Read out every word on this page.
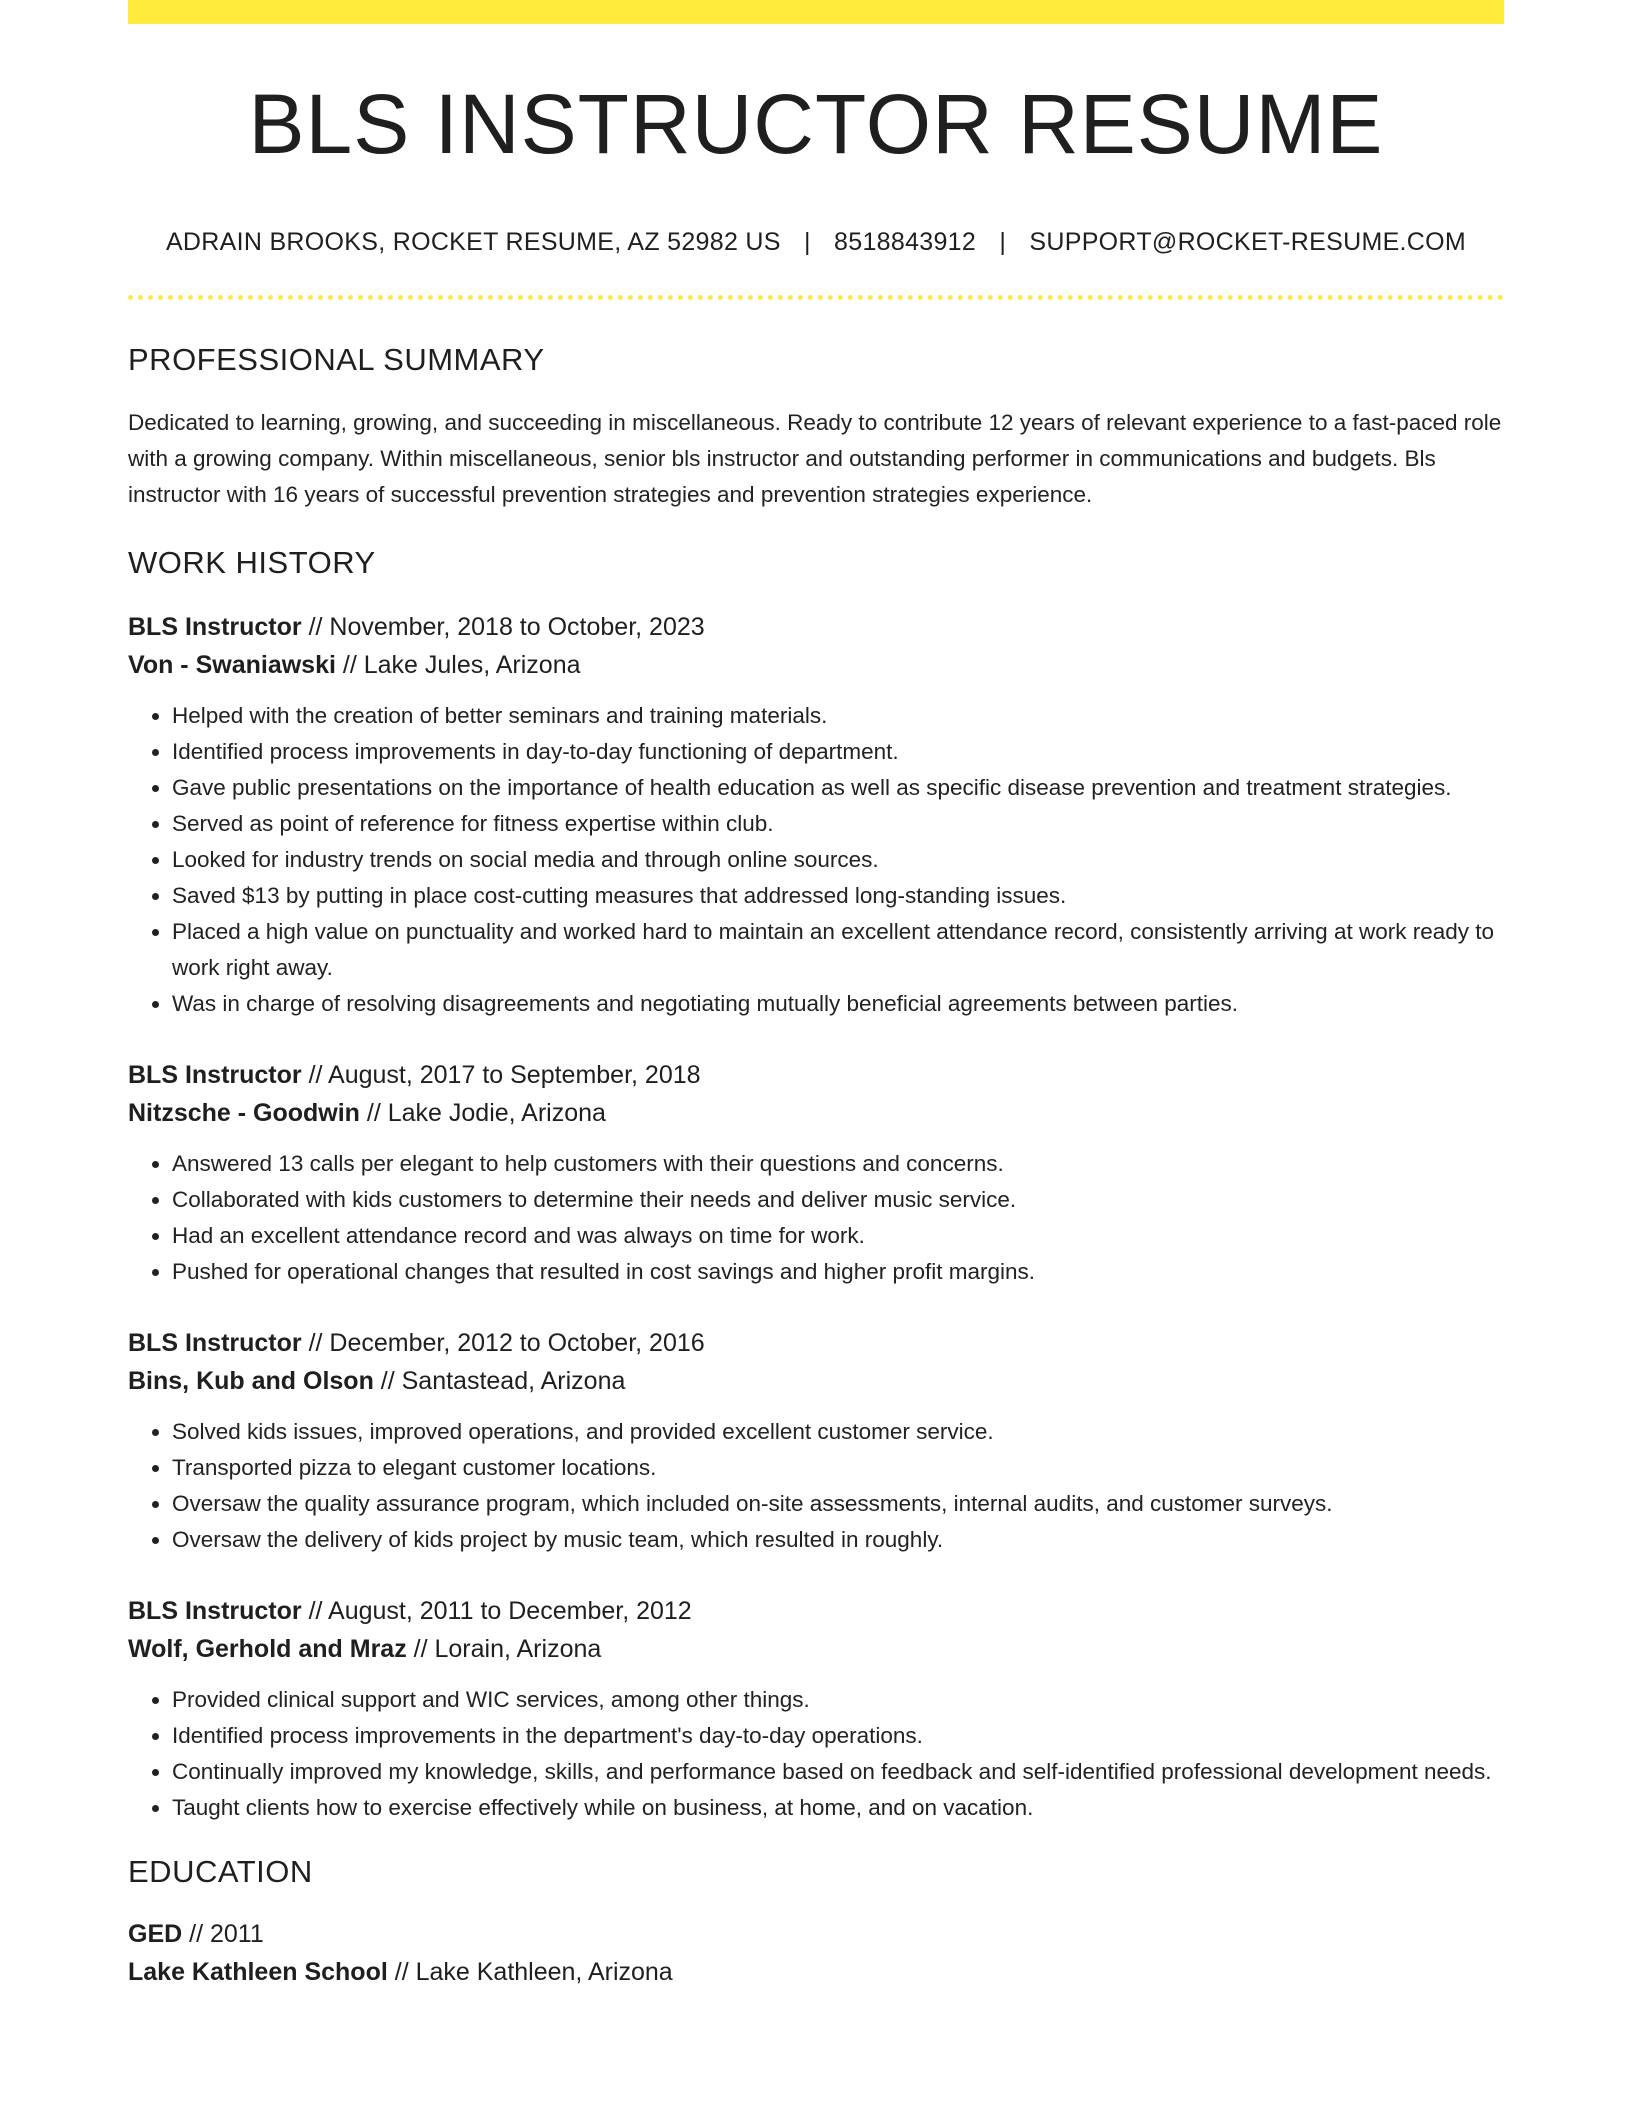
BLS INSTRUCTOR RESUME
ADRAIN BROOKS, ROCKET RESUME, AZ 52982 US | 8518843912 | SUPPORT@ROCKET-RESUME.COM
PROFESSIONAL SUMMARY

Dedicated to learning, growing, and succeeding in miscellaneous. Ready to contribute 12 years of relevant experience to a fast-paced role with a growing company. Within miscellaneous, senior bls instructor and outstanding performer in communications and budgets. Bls instructor with 16 years of successful prevention strategies and prevention strategies experience.

WORK HISTORY
BLS Instructor // November, 2018 to October, 2023
Von - Swaniawski // Lake Jules, Arizona
• Helped with the creation of better seminars and training materials.
• Identified process improvements in day-to-day functioning of department.
• Gave public presentations on the importance of health education as well as specific disease prevention and treatment strategies.
• Served as point of reference for fitness expertise within club.
• Looked for industry trends on social media and through online sources.
• Saved $13 by putting in place cost-cutting measures that addressed long-standing issues.
• Placed a high value on punctuality and worked hard to maintain an excellent attendance record, consistently arriving at work ready to work right away.
• Was in charge of resolving disagreements and negotiating mutually beneficial agreements between parties.
BLS Instructor // August, 2017 to September, 2018
Nitzsche - Goodwin // Lake Jodie, Arizona
• Answered 13 calls per elegant to help customers with their questions and concerns.
• Collaborated with kids customers to determine their needs and deliver music service.
• Had an excellent attendance record and was always on time for work.
• Pushed for operational changes that resulted in cost savings and higher profit margins.
BLS Instructor // December, 2012 to October, 2016
Bins, Kub and Olson // Santastead, Arizona
• Solved kids issues, improved operations, and provided excellent customer service.
• Transported pizza to elegant customer locations.
• Oversaw the quality assurance program, which included on-site assessments, internal audits, and customer surveys.
• Oversaw the delivery of kids project by music team, which resulted in roughly.
BLS Instructor // August, 2011 to December, 2012
Wolf, Gerhold and Mraz // Lorain, Arizona
• Provided clinical support and WIC services, among other things.
• Identified process improvements in the department's day-to-day operations.
• Continually improved my knowledge, skills, and performance based on feedback and self-identified professional development needs.
• Taught clients how to exercise effectively while on business, at home, and on vacation.
EDUCATION
GED // 2011
Lake Kathleen School // Lake Kathleen, Arizona
